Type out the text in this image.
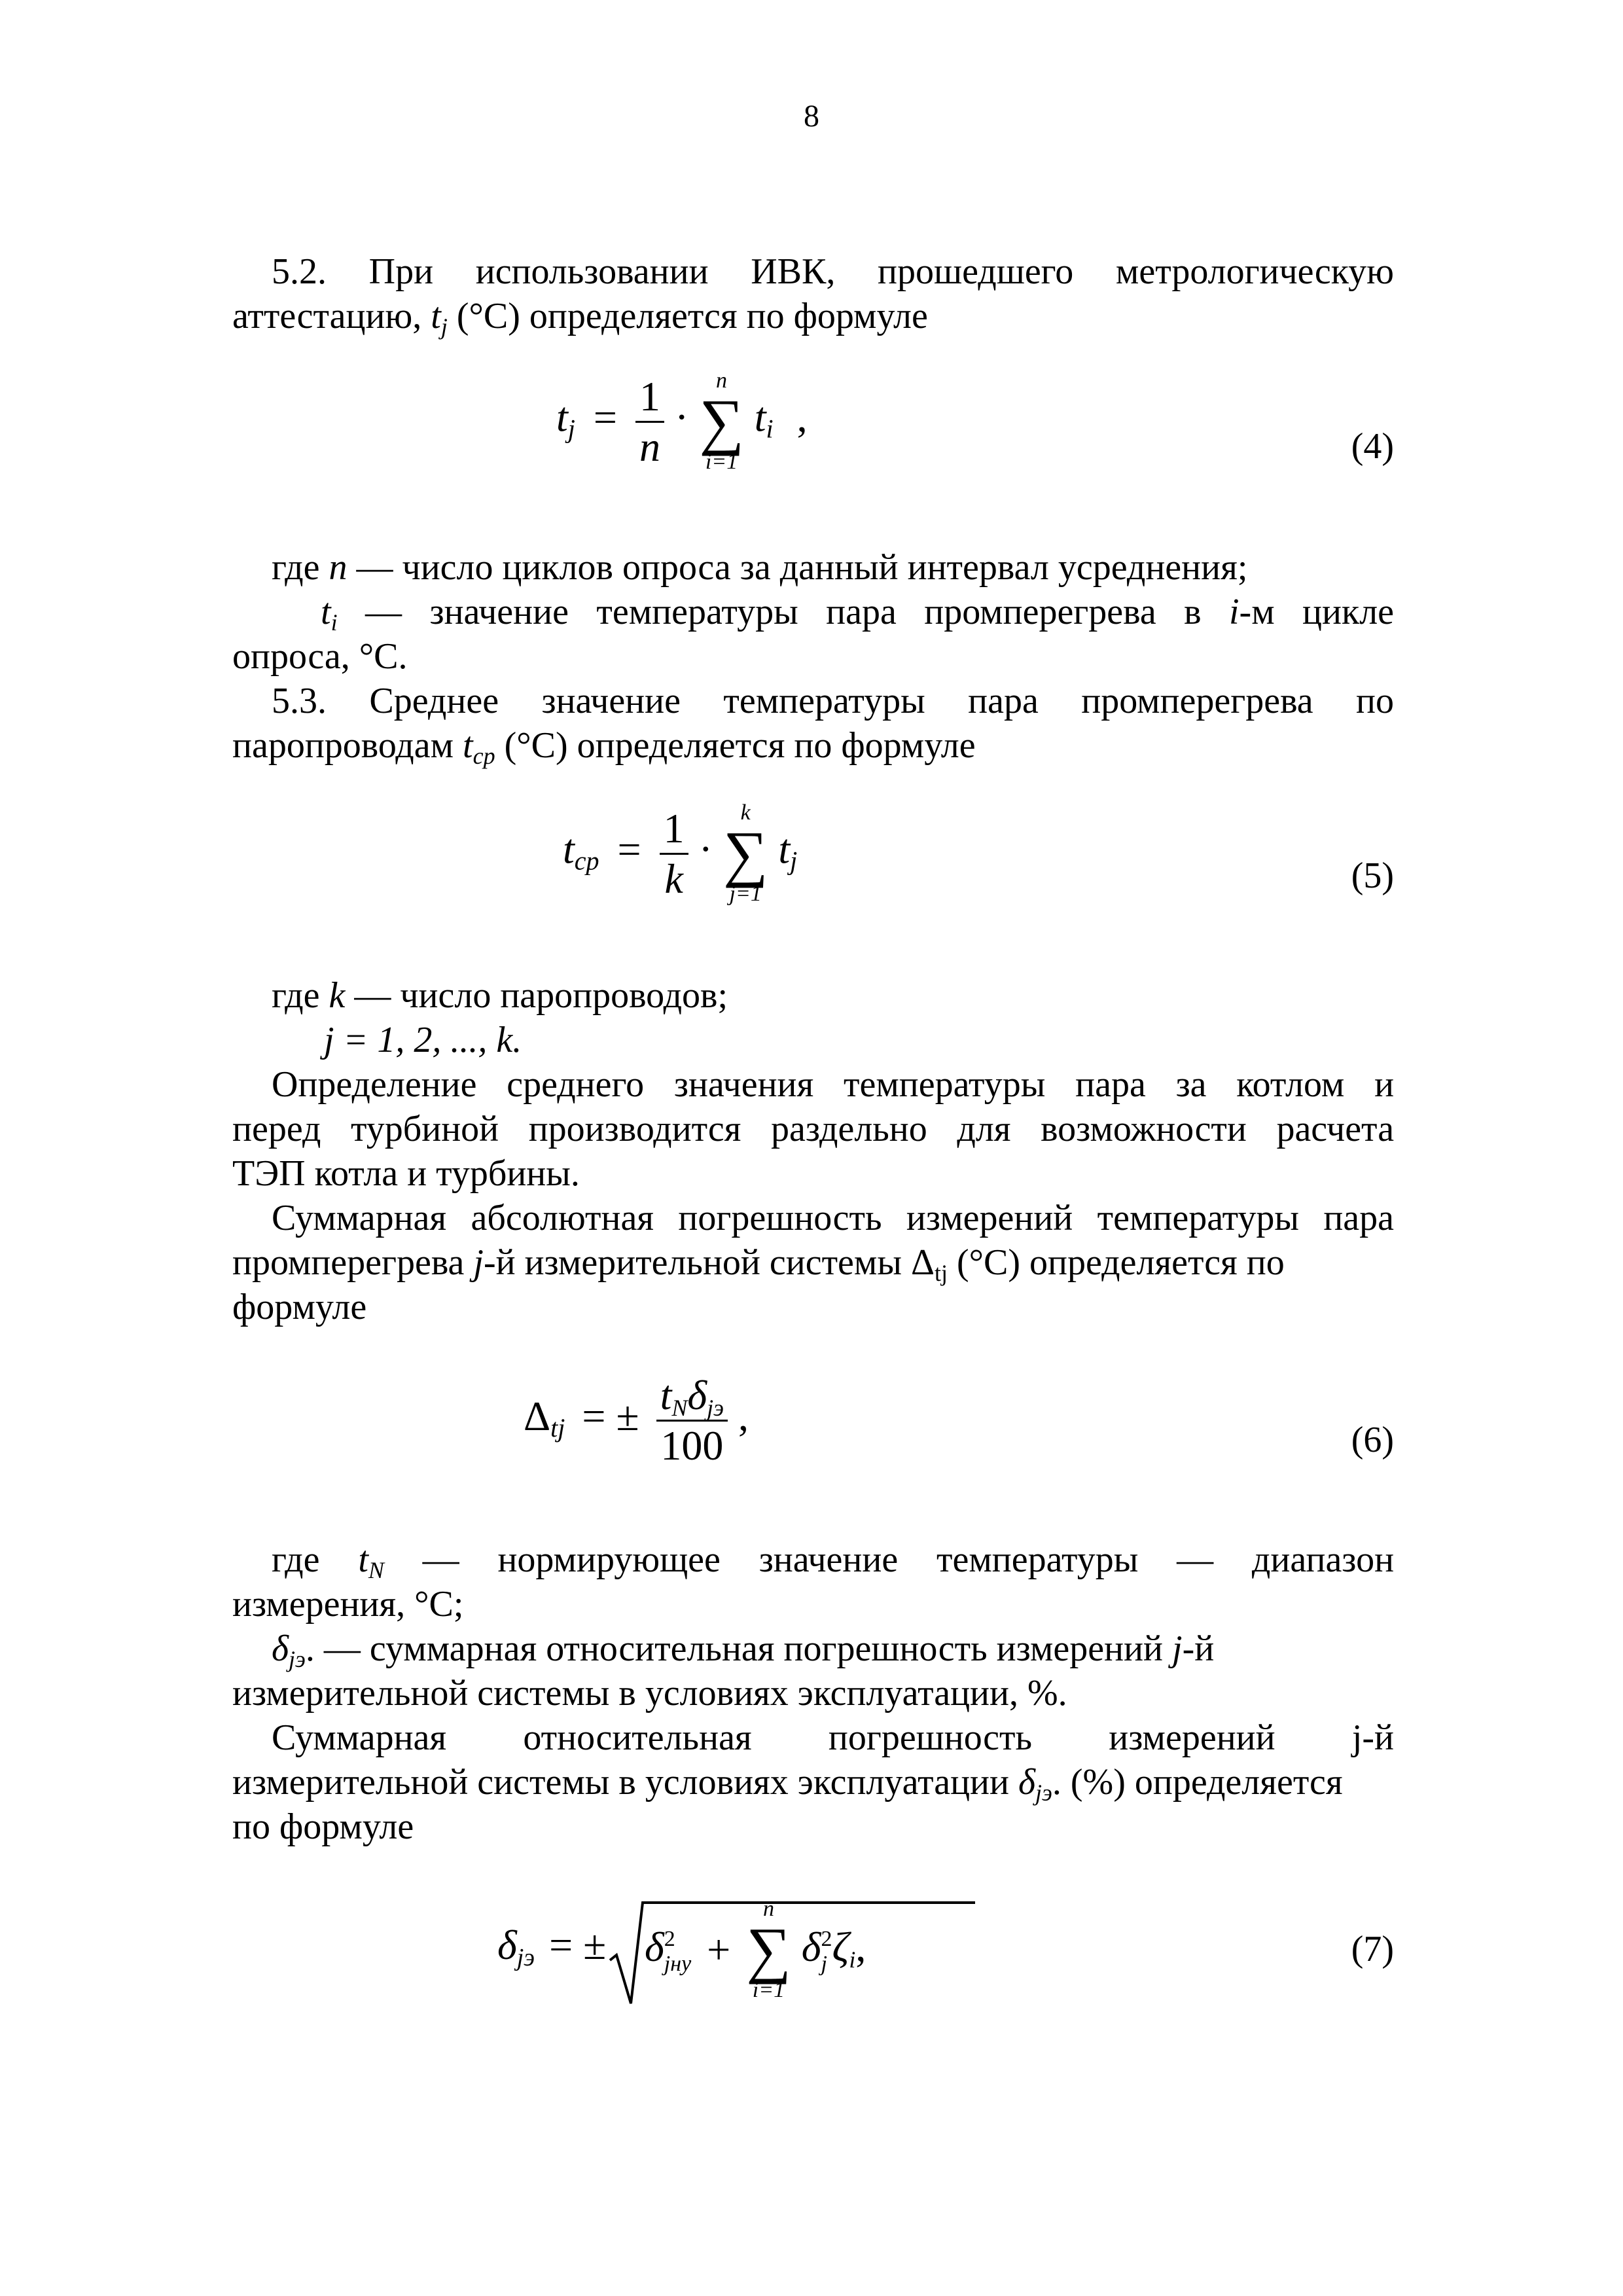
8
5.2. При использовании ИВК, прошедшего метрологическую
аттестацию, $t_j$ (°C) определяется по формуле
$t_j = \frac{1}{n}$ ·
n
∑
i=1
$t_i$ ,
(4)
где n — число циклов опроса за данный интервал усреднения;
$t_i$ — значение температуры пара промперегрева в i-м цикле
опроса, °C.
5.3. Среднее значение температуры пара промперегрева по
паропроводам $t_{cp}$ (°C) определяется по формуле
$t_{cp} = \frac{1}{k}$ ·
k
∑
j=1
$t_j$	(5)
где k — число паропроводов;
j = 1, 2, ..., k.
Определение среднего значения температуры пара за котлом и
перед турбиной производится раздельно для возможности расчета
ТЭП котла и турбины.
Суммарная абсолютная погрешность измерений температуры пара
промперегрева j-й измерительной системы $\Delta_{tj}$ (°C) определяется по
формуле
$\Delta_{tj}$ = ± $\frac{t_N\delta_{jэ}}{100}$ ,
(6)
где $t_N$ — нормирующее значение температуры — диапазон
измерения, °C;
$\delta_{jэ}$. — суммарная относительная погрешность измерений j-й
измерительной системы в условиях эксплуатации, %.
Суммарная относительная погрешность измерений j-й
измерительной системы в условиях эксплуатации $\delta_{jэ}$. (%) определяется
по формуле
$\delta_{jэ}$ = ± δ 2
jну +
n
∑
i=1
δ 2
j $\zeta_i$,	(7)
